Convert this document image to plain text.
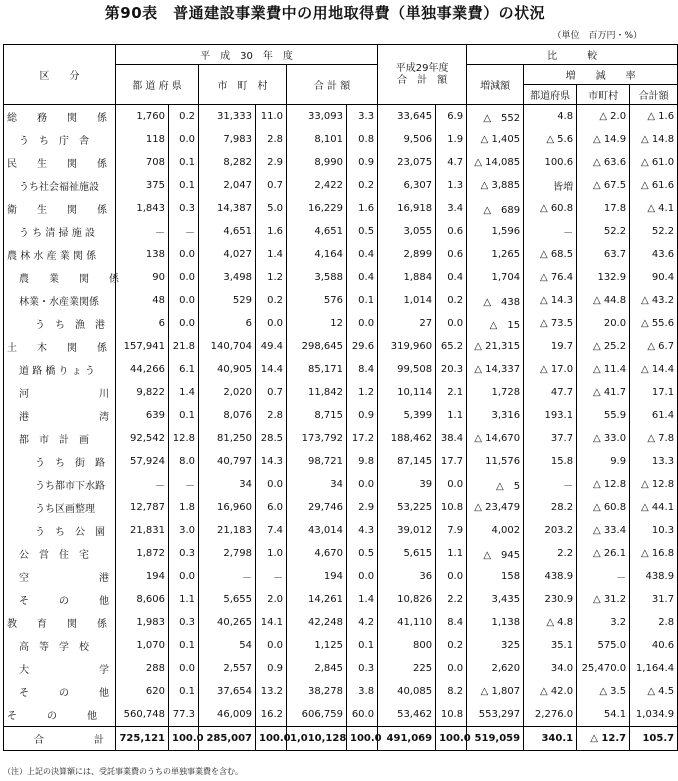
第90表　普通建設事業費中の用地取得費（単独事業費）の状況
（単位　百万円・%）
区　　分	平　成　30　年　度						平成29年度
合　計　額		比　　　較			
	都 道 府 県		市　町　村		合 計 額				増減額	増　　減　　率		
										都道府県	市町村	合計額
総　　務　　関　　係	1,760	0.2	31,333	11.0	33,093	3.3	33,645	6.9	△　552	4.8	△ 2.0	△ 1.6
う　ち　庁　舎	118	0.0	7,983	2.8	8,101	0.8	9,506	1.9	△ 1,405	△ 5.6	△ 14.9	△ 14.8
民　　生　　関　　係	708	0.1	8,282	2.9	8,990	0.9	23,075	4.7	△ 14,085	100.6	△ 63.6	△ 61.0
うち社会福祉施設	375	0.1	2,047	0.7	2,422	0.2	6,307	1.3	△ 3,885	皆増	△ 67.5	△ 61.6
衛　　生　　関　　係	1,843	0.3	14,387	5.0	16,229	1.6	16,918	3.4	△　689	△ 60.8	17.8	△ 4.1
う ち 清 掃 施 設	－	－	4,651	1.6	4,651	0.5	3,055	0.6	1,596	－	52.2	52.2
農 林 水 産 業 関 係	138	0.0	4,027	1.4	4,164	0.4	2,899	0.6	1,265	△ 68.5	63.7	43.6
農　　業　　関　　係	90	0.0	3,498	1.2	3,588	0.4	1,884	0.4	1,704	△ 76.4	132.9	90.4
林業・水産業関係	48	0.0	529	0.2	576	0.1	1,014	0.2	△　438	△ 14.3	△ 44.8	△ 43.2
う　ち　漁　港	6	0.0	6	0.0	12	0.0	27	0.0	△　15	△ 73.5	20.0	△ 55.6
土　　木　　関　　係	157,941	21.8	140,704	49.4	298,645	29.6	319,960	65.2	△ 21,315	19.7	△ 25.2	△ 6.7
道 路 橋 り ょ う	44,266	6.1	40,905	14.4	85,171	8.4	99,508	20.3	△ 14,337	△ 17.0	△ 11.4	△ 14.4
河　　　　　　　川	9,822	1.4	2,020	0.7	11,842	1.2	10,114	2.1	1,728	47.7	△ 41.7	17.1
港　　　　　　　湾	639	0.1	8,076	2.8	8,715	0.9	5,399	1.1	3,316	193.1	55.9	61.4
都　市　計　画	92,542	12.8	81,250	28.5	173,792	17.2	188,462	38.4	△ 14,670	37.7	△ 33.0	△ 7.8
う　ち　街　路	57,924	8.0	40,797	14.3	98,721	9.8	87,145	17.7	11,576	15.8	9.9	13.3
うち都市下水路	－	－	34	0.0	34	0.0	39	0.0	△　5	－	△ 12.8	△ 12.8
うち区画整理	12,787	1.8	16,960	6.0	29,746	2.9	53,225	10.8	△ 23,479	28.2	△ 60.8	△ 44.1
う　ち　公　園	21,831	3.0	21,183	7.4	43,014	4.3	39,012	7.9	4,002	203.2	△ 33.4	10.3
公　営　住　宅	1,872	0.3	2,798	1.0	4,670	0.5	5,615	1.1	△　945	2.2	△ 26.1	△ 16.8
空　　　　　　　港	194	0.0	－	－	194	0.0	36	0.0	158	438.9	－	438.9
そ　　　の　　　他	8,606	1.1	5,655	2.0	14,261	1.4	10,826	2.2	3,435	230.9	△ 31.2	31.7
教　　育　　関　　係	1,983	0.3	40,265	14.1	42,248	4.2	41,110	8.4	1,138	△ 4.8	3.2	2.8
高　等　学　校	1,070	0.1	54	0.0	1,125	0.1	800	0.2	325	35.1	575.0	40.6
大　　　　　　　学	288	0.0	2,557	0.9	2,845	0.3	225	0.0	2,620	34.0	25,470.0	1,164.4
そ　　　の　　　他	620	0.1	37,654	13.2	38,278	3.8	40,085	8.2	△ 1,807	△ 42.0	△ 3.5	△ 4.5
そ　　　の　　　他	560,748	77.3	46,009	16.2	606,759	60.0	53,462	10.8	553,297	2,276.0	54.1	1,034.9
合　　　　　計	725,121	100.0	285,007	100.0	1,010,128	100.0	491,069	100.0	519,059	340.1	△ 12.7	105.7
（注）上記の決算額には、受託事業費のうちの単独事業費を含む。
